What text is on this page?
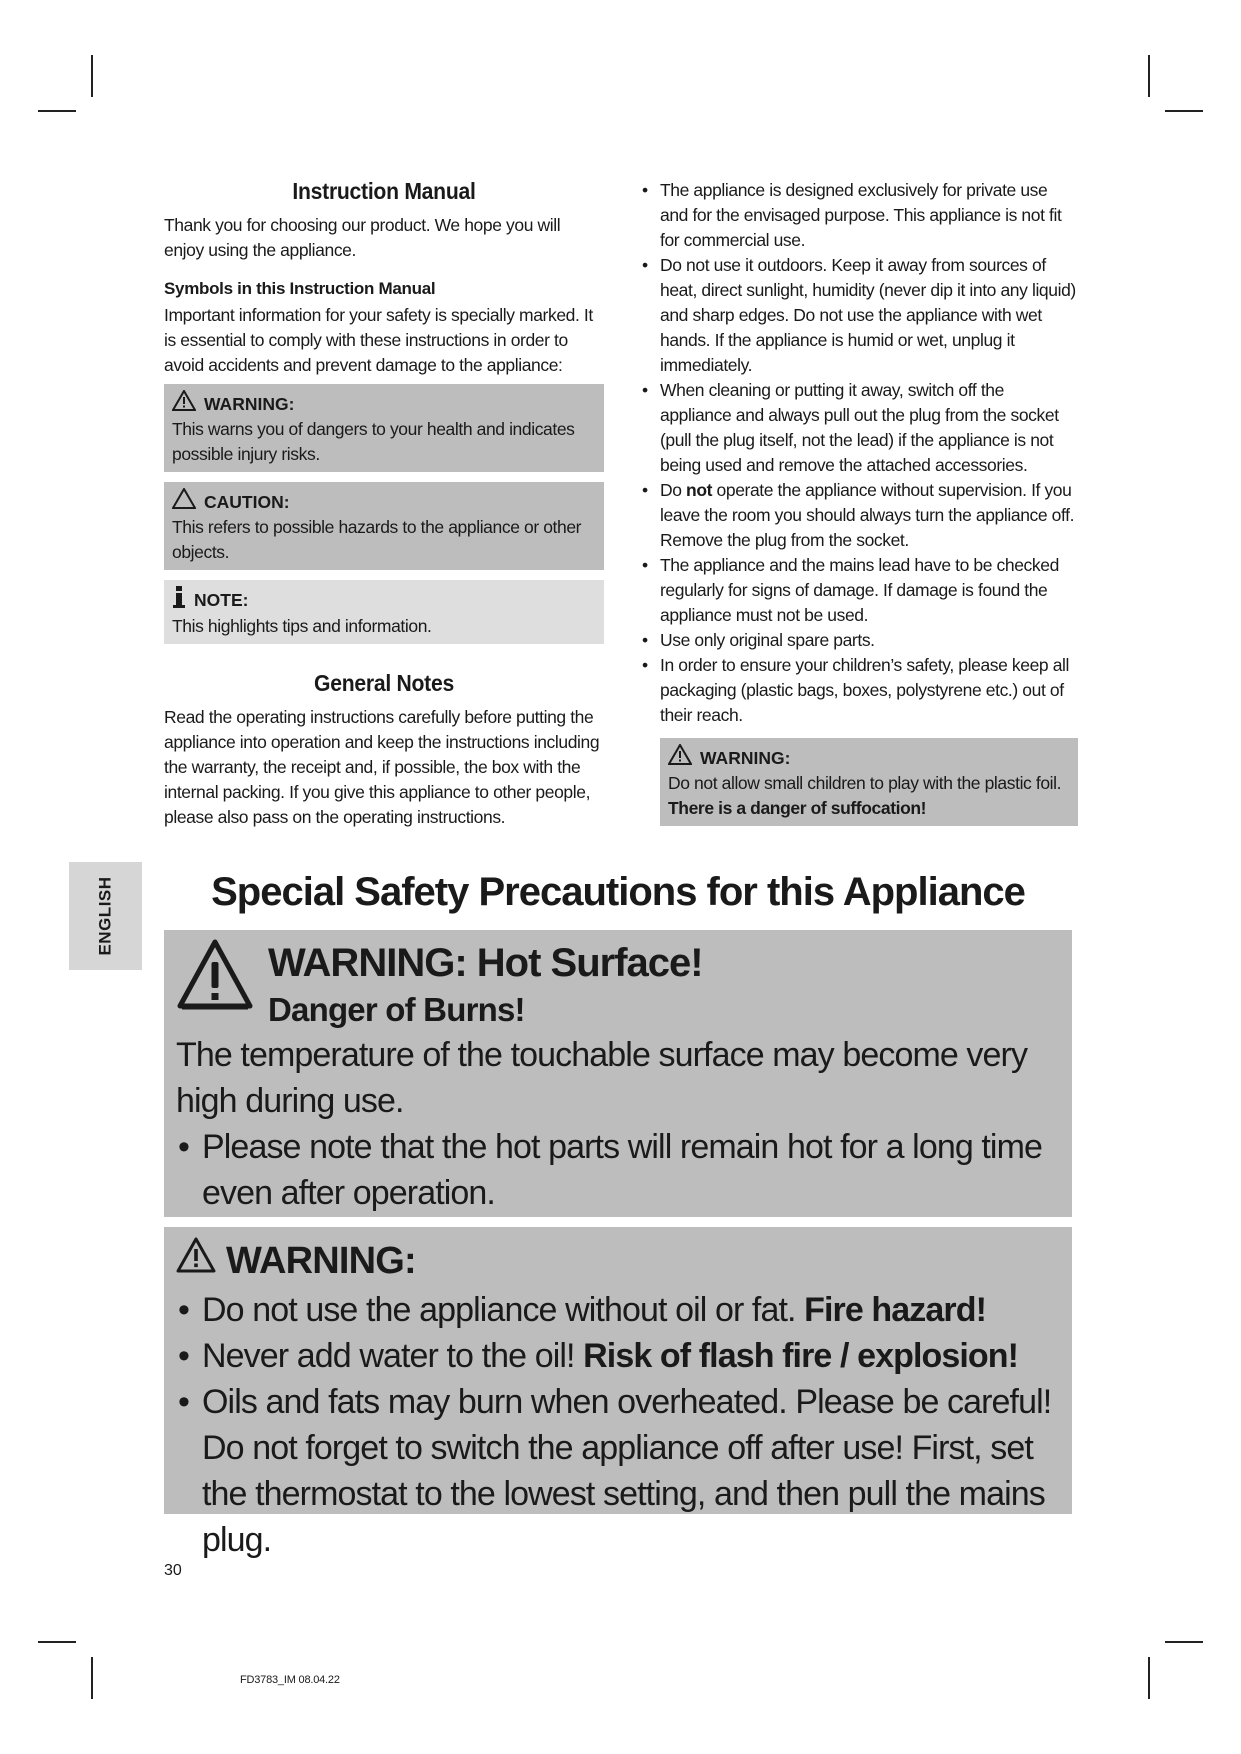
Instruction Manual

Thank you for choosing our product. We hope you will enjoy using the appliance.

Symbols in this Instruction Manual

Important information for your safety is specially marked. It is essential to comply with these instructions in order to avoid accidents and prevent damage to the appliance:

WARNING:
This warns you of dangers to your health and indicates possible injury risks.
CAUTION:
This refers to possible hazards to the appliance or other objects.
NOTE:
This highlights tips and information.
General Notes

Read the operating instructions carefully before putting the appliance into operation and keep the instructions including the warranty, the receipt and, if possible, the box with the internal packing. If you give this appliance to other people, please also pass on the operating instructions.

• The appliance is designed exclusively for private use and for the envisaged purpose. This appliance is not fit for commercial use.
• Do not use it outdoors. Keep it away from sources of heat, direct sunlight, humidity (never dip it into any liquid) and sharp edges. Do not use the appliance with wet hands. If the appliance is humid or wet, unplug it immediately.
• When cleaning or putting it away, switch off the appliance and always pull out the plug from the socket (pull the plug itself, not the lead) if the appliance is not being used and remove the attached accessories.
• Do not operate the appliance without supervision. If you leave the room you should always turn the appliance off. Remove the plug from the socket.
• The appliance and the mains lead have to be checked regularly for signs of damage. If damage is found the appliance must not be used.
• Use only original spare parts.
• In order to ensure your children’s safety, please keep all packaging (plastic bags, boxes, polystyrene etc.) out of their reach.
WARNING:
Do not allow small children to play with the plastic foil.
There is a danger of suffocation!
ENGLISH	Special Safety Precautions for this Appliance
WARNING: Hot Surface!
Danger of Burns!
The temperature of the touchable surface may become very high during use.
• Please note that the hot parts will remain hot for a long time even after operation.
WARNING:
• Do not use the appliance without oil or fat. Fire hazard!
• Never add water to the oil! Risk of flash fire / explosion!
• Oils and fats may burn when overheated. Please be careful! Do not forget to switch the appliance off after use! First, set the thermostat to the lowest setting, and then pull the mains plug.
30
FD3783_IM 08.04.22
